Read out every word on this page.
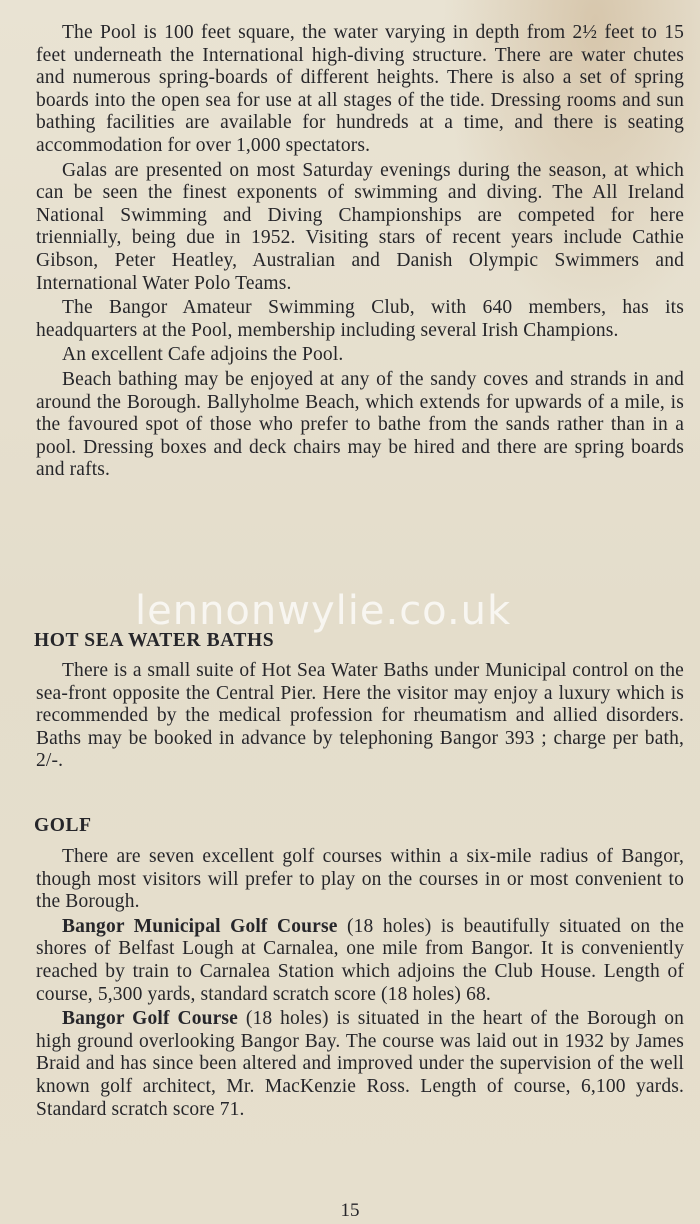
The Pool is 100 feet square, the water varying in depth from 2½ feet to 15 feet underneath the International high-diving structure. There are water chutes and numerous spring-boards of different heights. There is also a set of spring boards into the open sea for use at all stages of the tide. Dressing rooms and sun bathing facilities are available for hundreds at a time, and there is seating accommodation for over 1,000 spectators.

Galas are presented on most Saturday evenings during the season, at which can be seen the finest exponents of swimming and diving. The All Ireland National Swimming and Diving Championships are competed for here triennially, being due in 1952. Visiting stars of recent years include Cathie Gibson, Peter Heatley, Australian and Danish Olympic Swimmers and International Water Polo Teams.

The Bangor Amateur Swimming Club, with 640 members, has its headquarters at the Pool, membership including several Irish Champions.

An excellent Cafe adjoins the Pool.

Beach bathing may be enjoyed at any of the sandy coves and strands in and around the Borough. Ballyholme Beach, which extends for upwards of a mile, is the favoured spot of those who prefer to bathe from the sands rather than in a pool. Dressing boxes and deck chairs may be hired and there are spring boards and rafts.

lennonwylie.co.uk
HOT SEA WATER BATHS

There is a small suite of Hot Sea Water Baths under Municipal control on the sea-front opposite the Central Pier. Here the visitor may enjoy a luxury which is recommended by the medical profession for rheumatism and allied disorders. Baths may be booked in advance by telephoning Bangor 393 ; charge per bath, 2/-.

GOLF

There are seven excellent golf courses within a six-mile radius of Bangor, though most visitors will prefer to play on the courses in or most convenient to the Borough.

Bangor Municipal Golf Course (18 holes) is beautifully situated on the shores of Belfast Lough at Carnalea, one mile from Bangor. It is conveniently reached by train to Carnalea Station which adjoins the Club House. Length of course, 5,300 yards, standard scratch score (18 holes) 68.

Bangor Golf Course (18 holes) is situated in the heart of the Borough on high ground overlooking Bangor Bay. The course was laid out in 1932 by James Braid and has since been altered and improved under the supervision of the well known golf architect, Mr. MacKenzie Ross. Length of course, 6,100 yards. Standard scratch score 71.

15
